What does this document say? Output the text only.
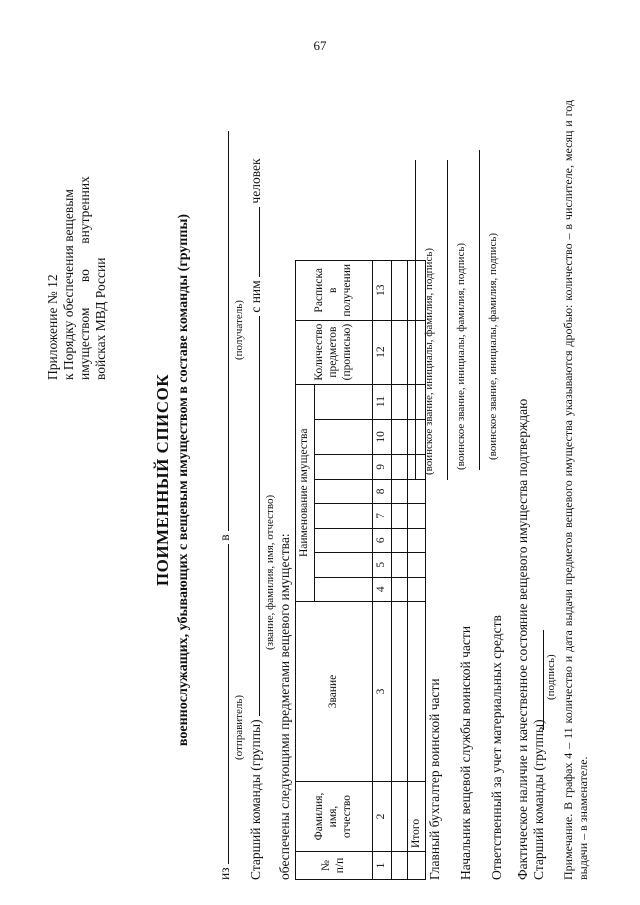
67
Приложение № 12 к Порядку обеспечения вещевым имуществом во внутренних войсках МВД России
ПОИМЕННЫЙ СПИСОК военнослужащих, убывающих с вещевым имуществом в составе команды (группы)
из  в
(отправитель)
(получатель)
Старший команды (группы)  с ним  человек
(звание, фамилия, имя, отчество) обеспечены следующими предметами вещевого имущества: № п/п	Фамилия, имя, отчество	Звание	Наименование имущества								Количество предметов (прописью)	Расписка в получении

1	2	3	4	5	6	7	8	9	10	11	12	13

	Итого											Главный бухгалтер воинской части
(воинское звание, инициалы, фамилия, подпись)
Начальник вещевой службы воинской части
(воинское звание, инициалы, фамилия, подпись)
Ответственный за учет материальных средств
(воинское звание, инициалы, фамилия, подпись)
Фактическое наличие и качественное состояние вещевого имущества подтверждаю Старший команды (группы)
(подпись) Примечание. В графах 4 – 11 количество и дата выдачи предметов вещевого имущества указываются дробью: количество – в числителе, месяц и год выдачи – в знаменателе.
